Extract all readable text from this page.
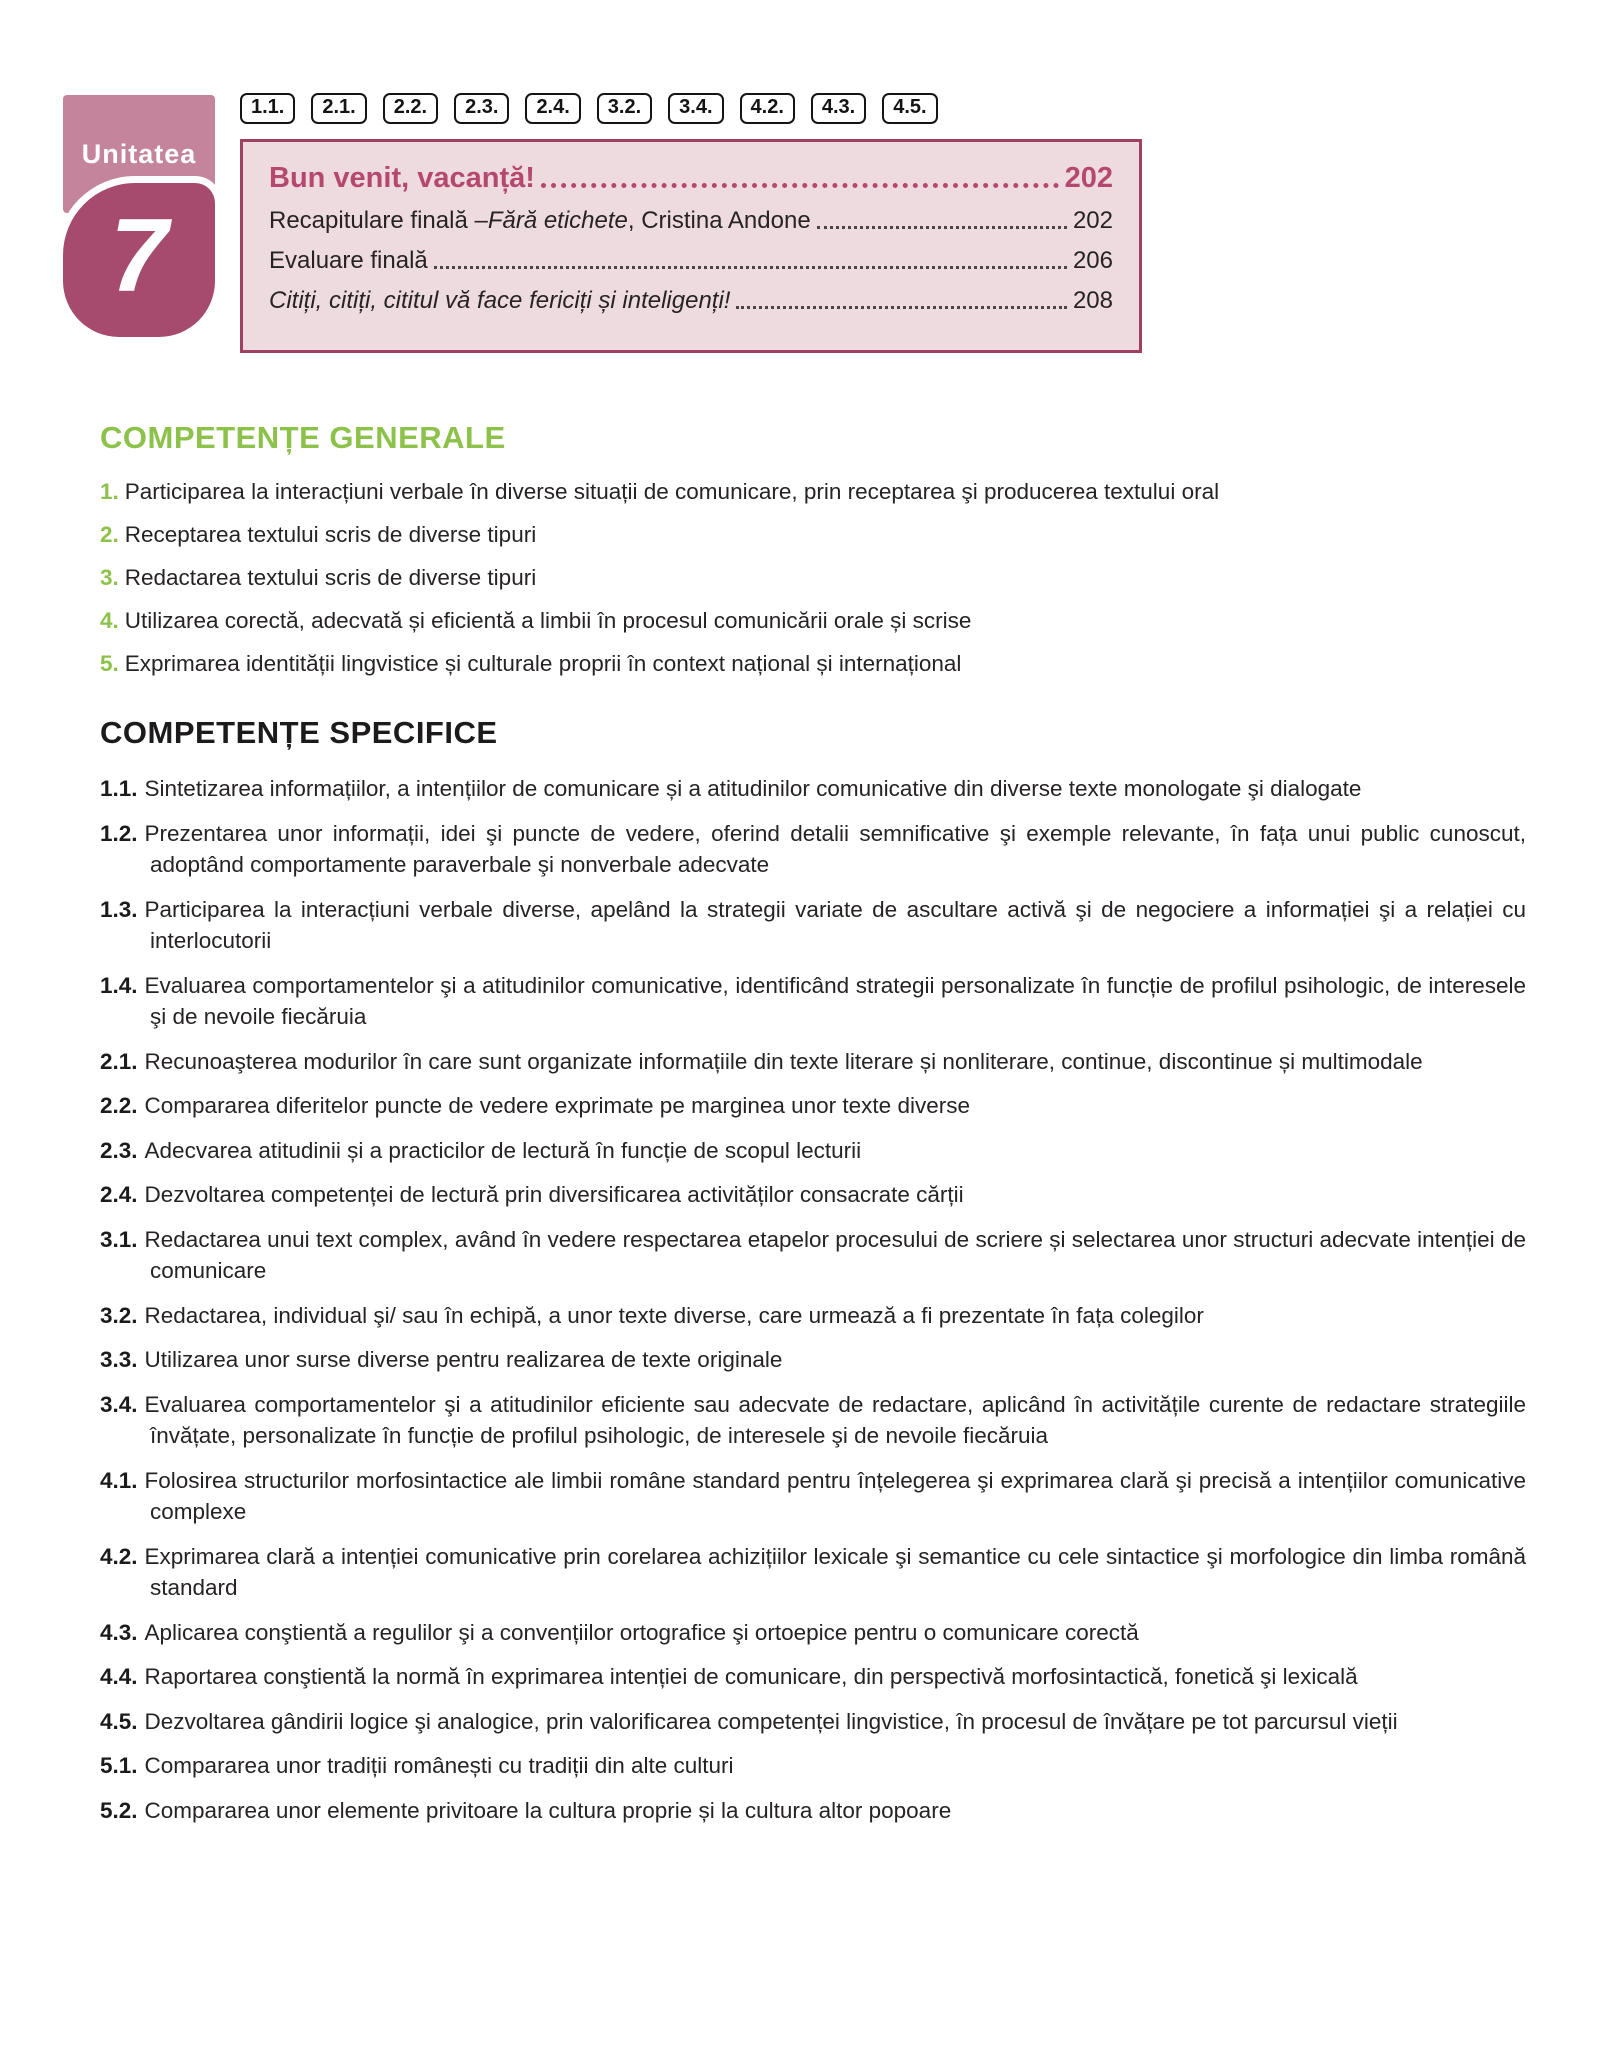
Unitatea
7
1.1.	2.1.	2.2.	2.3.	2.4.	3.2.	3.4.	4.2.	4.3.	4.5.
Bun venit, vacanță!	202
Recapitulare finală – Fără etichete , Cristina Andone	202
Evaluare finală	206
Citiți, citiți, cititul vă face fericiți și inteligenți!	208
COMPETENȚE GENERALE

1. Participarea la interacțiuni verbale în diverse situații de comunicare, prin receptarea şi producerea textului oral

2. Receptarea textului scris de diverse tipuri

3. Redactarea textului scris de diverse tipuri

4. Utilizarea corectă, adecvată și eficientă a limbii în procesul comunicării orale și scrise

5. Exprimarea identității lingvistice și culturale proprii în context național și internațional

COMPETENȚE SPECIFICE

1.1. Sintetizarea informațiilor, a intențiilor de comunicare și a atitudinilor comunicative din diverse texte monologate şi dialogate

1.2. Prezentarea unor informații, idei şi puncte de vedere, oferind detalii semnificative şi exemple relevante, în fața unui public cunoscut, adoptând comportamente paraverbale şi nonverbale adecvate

1.3. Participarea la interacțiuni verbale diverse, apelând la strategii variate de ascultare activă şi de negociere a informației şi a relației cu interlocutorii

1.4. Evaluarea comportamentelor şi a atitudinilor comunicative, identificând strategii personalizate în funcție de profilul psihologic, de interesele şi de nevoile fiecăruia

2.1. Recunoaşterea modurilor în care sunt organizate informațiile din texte literare și nonliterare, continue, discontinue și multimodale

2.2. Compararea diferitelor puncte de vedere exprimate pe marginea unor texte diverse

2.3. Adecvarea atitudinii și a practicilor de lectură în funcție de scopul lecturii

2.4. Dezvoltarea competenței de lectură prin diversificarea activităților consacrate cărții

3.1. Redactarea unui text complex, având în vedere respectarea etapelor procesului de scriere și selectarea unor structuri adecvate intenției de comunicare

3.2. Redactarea, individual şi/ sau în echipă, a unor texte diverse, care urmează a fi prezentate în fața colegilor

3.3. Utilizarea unor surse diverse pentru realizarea de texte originale

3.4. Evaluarea comportamentelor şi a atitudinilor eficiente sau adecvate de redactare, aplicând în activitățile curente de redactare strategiile învățate, personalizate în funcție de profilul psihologic, de interesele şi de nevoile fiecăruia

4.1. Folosirea structurilor morfosintactice ale limbii române standard pentru înțelegerea şi exprimarea clară şi precisă a intențiilor comunicative complexe

4.2. Exprimarea clară a intenției comunicative prin corelarea achizițiilor lexicale şi semantice cu cele sintactice şi morfologice din limba română standard

4.3. Aplicarea conştientă a regulilor şi a convențiilor ortografice şi ortoepice pentru o comunicare corectă

4.4. Raportarea conştientă la normă în exprimarea intenției de comunicare, din perspectivă morfosintactică, fonetică şi lexicală

4.5. Dezvoltarea gândirii logice şi analogice, prin valorificarea competenței lingvistice, în procesul de învățare pe tot parcursul vieții

5.1. Compararea unor tradiții românești cu tradiții din alte culturi

5.2. Compararea unor elemente privitoare la cultura proprie și la cultura altor popoare
